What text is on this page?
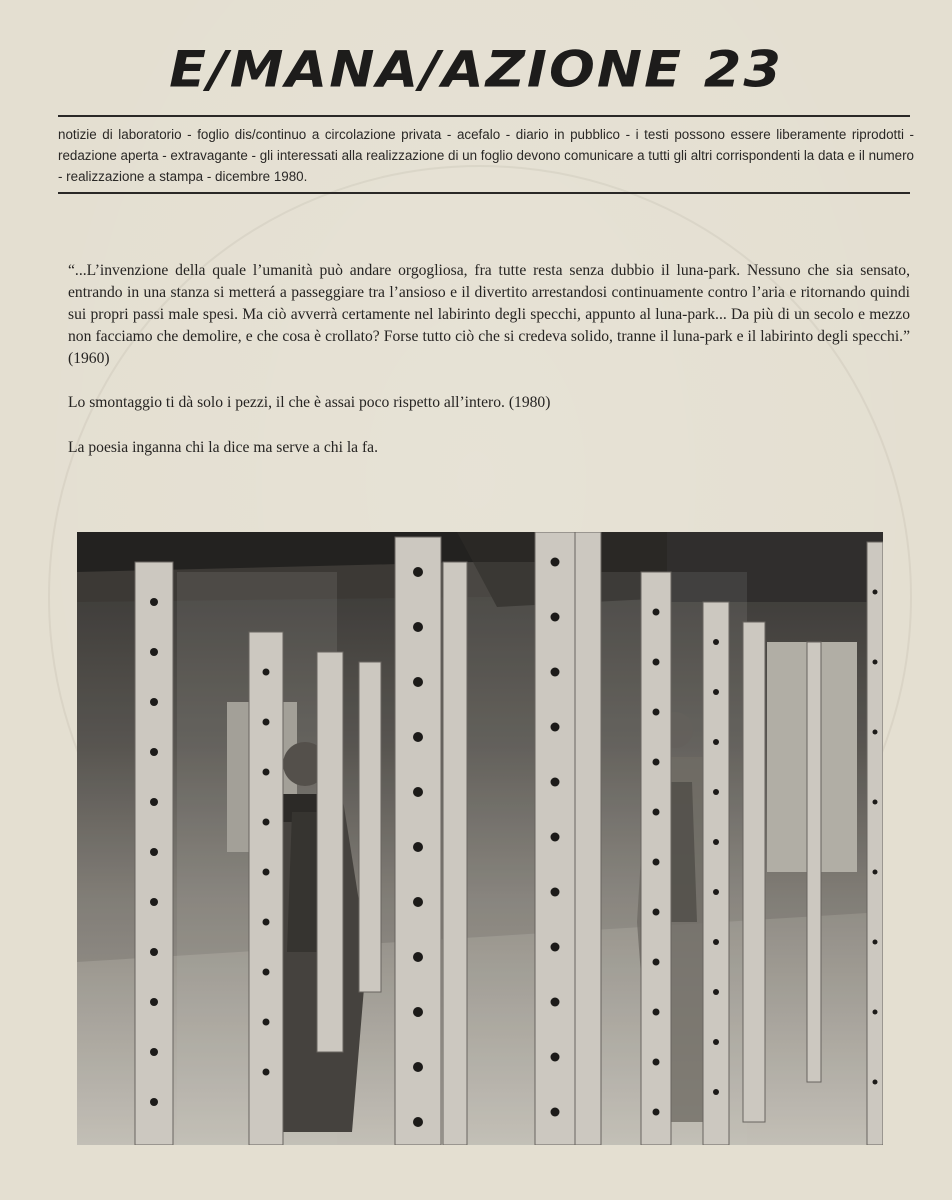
E/MANA/AZIONE 23
notizie di laboratorio - foglio dis/continuo a circolazione privata - acefalo - diario in pubblico - i testi possono essere liberamente riprodotti - redazione aperta - extravagante - gli interessati alla realizzazione di un foglio devono comunicare a tutti gli altri corrispondenti la data e il numero - realizzazione a stampa - dicembre 1980.

“...L’invenzione della quale l’umanità può andare orgogliosa, fra tutte resta senza dubbio il luna-park. Nessuno che sia sensato, entrando in una stanza si metterá a passeggiare tra l’ansioso e il divertito arrestandosi continuamente contro l’aria e ritornando quindi sui propri passi male spesi. Ma ciò avverrà certamente nel labirinto degli specchi, appunto al luna-park... Da più di un secolo e mezzo non facciamo che demolire, e che cosa è crollato? Forse tutto ciò che si credeva solido, tranne il luna-park e il labirinto degli specchi.” (1960)

Lo smontaggio ti dà solo i pezzi, il che è assai poco rispetto all’intero. (1980)

La poesia inganna chi la dice ma serve a chi la fa.
